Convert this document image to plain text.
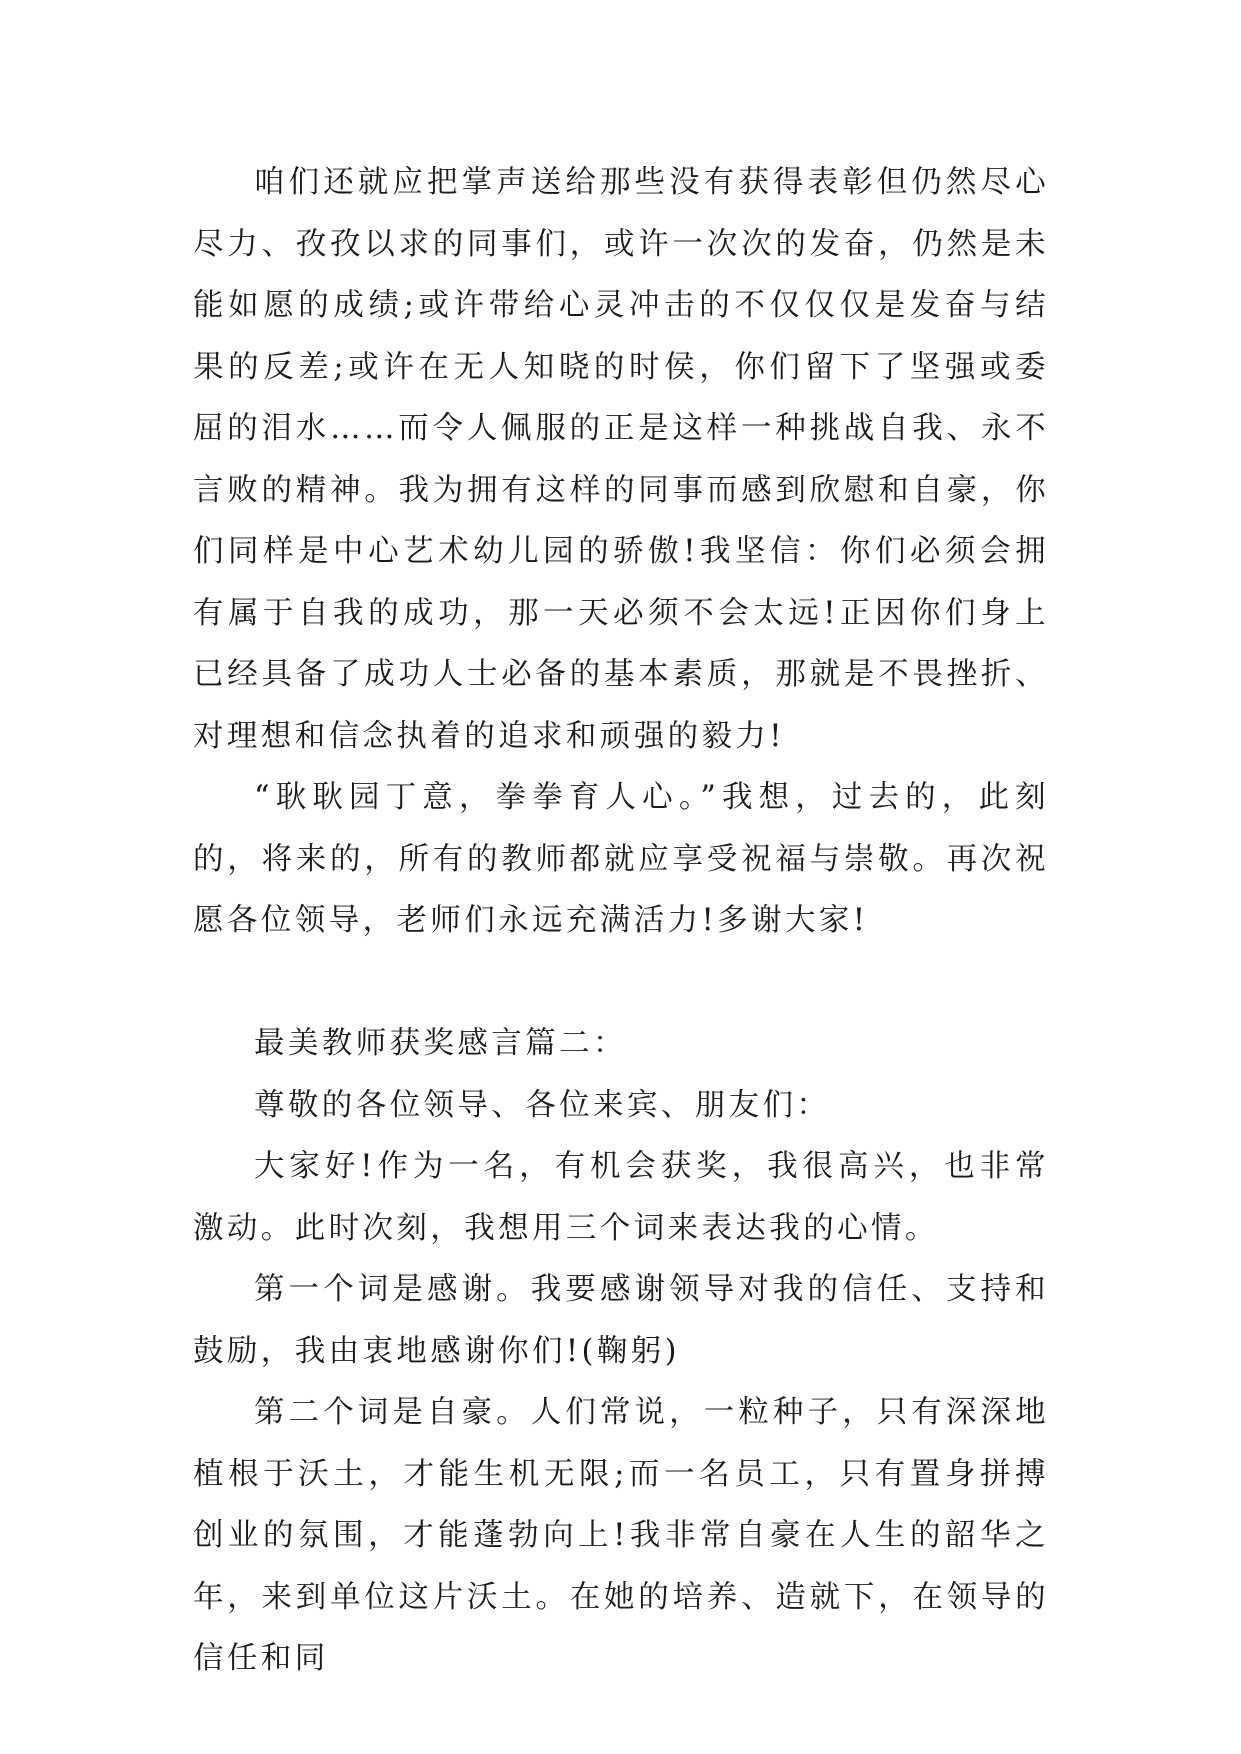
咱们还就应把掌声送给那些没有获得表彰但仍然尽心尽力、孜孜以求的同事们，或许一次次的发奋，仍然是未能如愿的成绩;或许带给心灵冲击的不仅仅仅是发奋与结果的反差;或许在无人知晓的时侯，你们留下了坚强或委屈的泪水……而令人佩服的正是这样一种挑战自我、永不言败的精神。我为拥有这样的同事而感到欣慰和自豪，你们同样是中心艺术幼儿园的骄傲!我坚信：你们必须会拥有属于自我的成功，那一天必须不会太远!正因你们身上已经具备了成功人士必备的基本素质，那就是不畏挫折、对理想和信念执着的追求和顽强的毅力!

“耿耿园丁意，拳拳育人心。”我想，过去的，此刻的，将来的，所有的教师都就应享受祝福与崇敬。再次祝愿各位领导，老师们永远充满活力!多谢大家!

最美教师获奖感言篇二：

尊敬的各位领导、各位来宾、朋友们：

大家好!作为一名，有机会获奖，我很高兴，也非常激动。此时次刻，我想用三个词来表达我的心情。

第一个词是感谢。我要感谢领导对我的信任、支持和鼓励，我由衷地感谢你们!(鞠躬)

第二个词是自豪。人们常说，一粒种子，只有深深地植根于沃土，才能生机无限;而一名员工，只有置身拼搏创业的氛围，才能蓬勃向上!我非常自豪在人生的韶华之年，来到单位这片沃土。在她的培养、造就下，在领导的信任和同
